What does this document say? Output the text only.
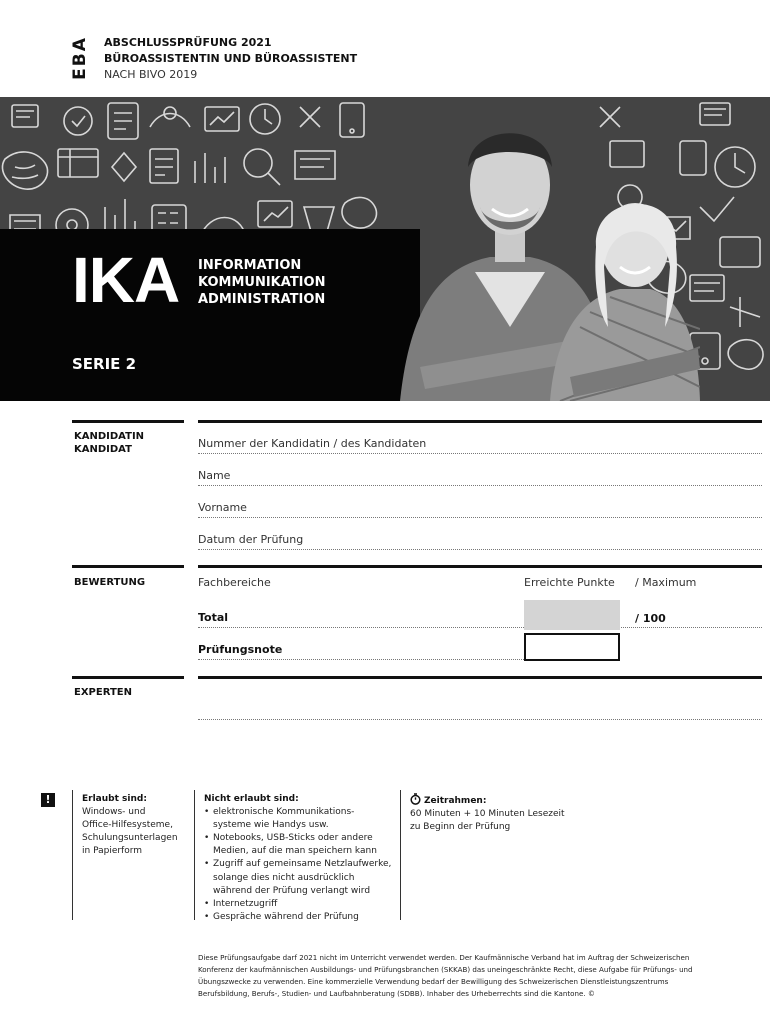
EBA ABSCHLUSSPRÜFUNG 2021
BÜROASSISTENTIN UND BÜROASSISTENT
NACH BIVO 2019
IKA INFORMATION
KOMMUNIKATION
ADMINISTRATION
SERIE 2
KANDIDATIN
KANDIDAT	Nummer der Kandidatin / des Kandidaten
Name
Vorname
Datum der Prüfung
BEWERTUNG	Fachbereiche	Erreichte Punkte / Maximum
Total	/ 100
Prüfungsnote
EXPERTEN
!	Erlaubt sind:
Windows- und
Office-Hilfesysteme,
Schulungsunterlagen
in Papierform
Nicht erlaubt sind:
• elektronische Kommunikations-
systeme wie Handys usw.
• Notebooks, USB-Sticks oder andere
Medien, auf die man speichern kann
• Zugriff auf gemeinsame Netzlaufwerke,
solange dies nicht ausdrücklich
während der Prüfung verlangt wird
• Internetzugriff
• Gespräche während der Prüfung
Zeitrahmen:
60 Minuten + 10 Minuten Lesezeit
zu Beginn der Prüfung
Diese Prüfungsaufgabe darf 2021 nicht im Unterricht verwendet werden. Der Kaufmännische Verband hat im Auftrag der Schweizerischen Konferenz der kaufmännischen Ausbildungs- und Prüfungsbranchen (SKKAB) das uneingeschränkte Recht, diese Aufgabe für Prüfungs- und Übungszwecke zu verwenden. Eine kommerzielle Verwendung bedarf der Bewilligung des Schweizerischen Dienstleistungszentrums Berufsbildung, Berufs-, Studien- und Laufbahnberatung (SDBB). Inhaber des Urheberrechts sind die Kantone. ©
